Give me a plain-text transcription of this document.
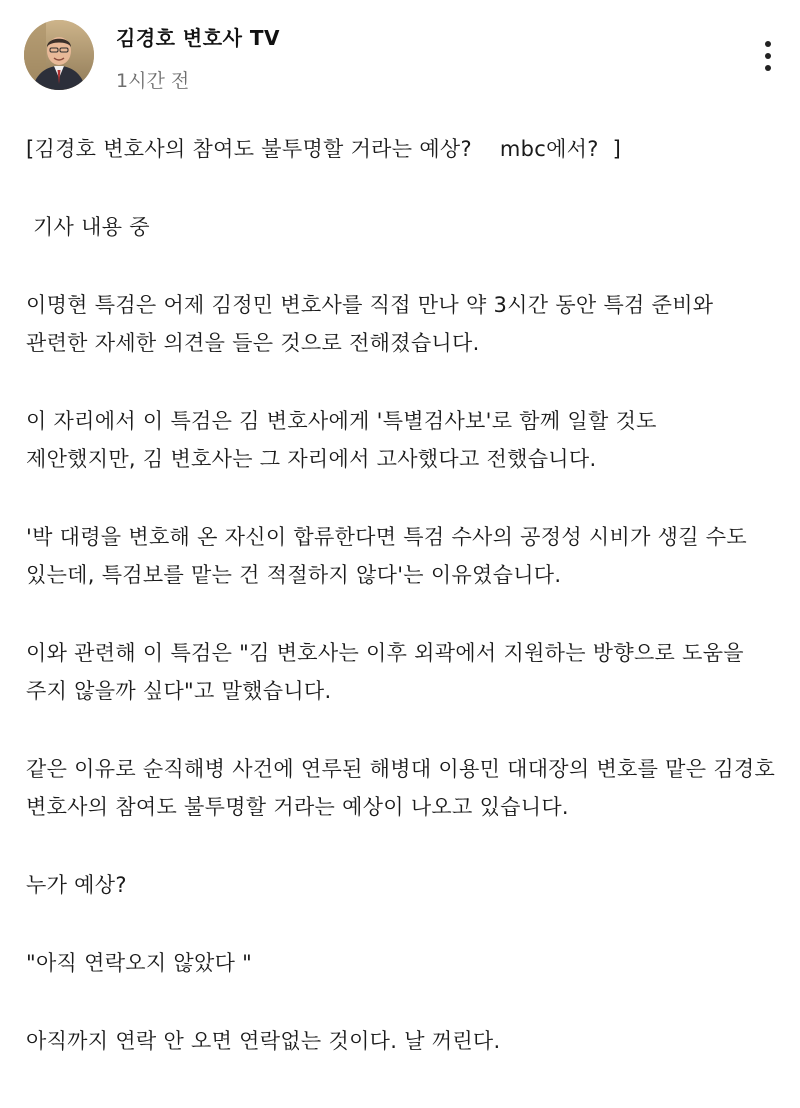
김경호 변호사 TV
1시간 전

[김경호 변호사의 참여도 불투명할 거라는 예상?    mbc에서?  ]

기사 내용 중

이명현 특검은 어제 김정민 변호사를 직접 만나 약 3시간 동안 특검 준비와

관련한 자세한 의견을 들은 것으로 전해졌습니다.

이 자리에서 이 특검은 김 변호사에게 '특별검사보'로 함께 일할 것도

제안했지만, 김 변호사는 그 자리에서 고사했다고 전했습니다.

'박 대령을 변호해 온 자신이 합류한다면 특검 수사의 공정성 시비가 생길 수도

있는데, 특검보를 맡는 건 적절하지 않다'는 이유였습니다.

이와 관련해 이 특검은 "김 변호사는 이후 외곽에서 지원하는 방향으로 도움을

주지 않을까 싶다"고 말했습니다.

같은 이유로 순직해병 사건에 연루된 해병대 이용민 대대장의 변호를 맡은 김경호

변호사의 참여도 불투명할 거라는 예상이 나오고 있습니다.

누가 예상?

"아직 연락오지 않았다 "

아직까지 연락 안 오면 연락없는 것이다. 날 꺼린다.
